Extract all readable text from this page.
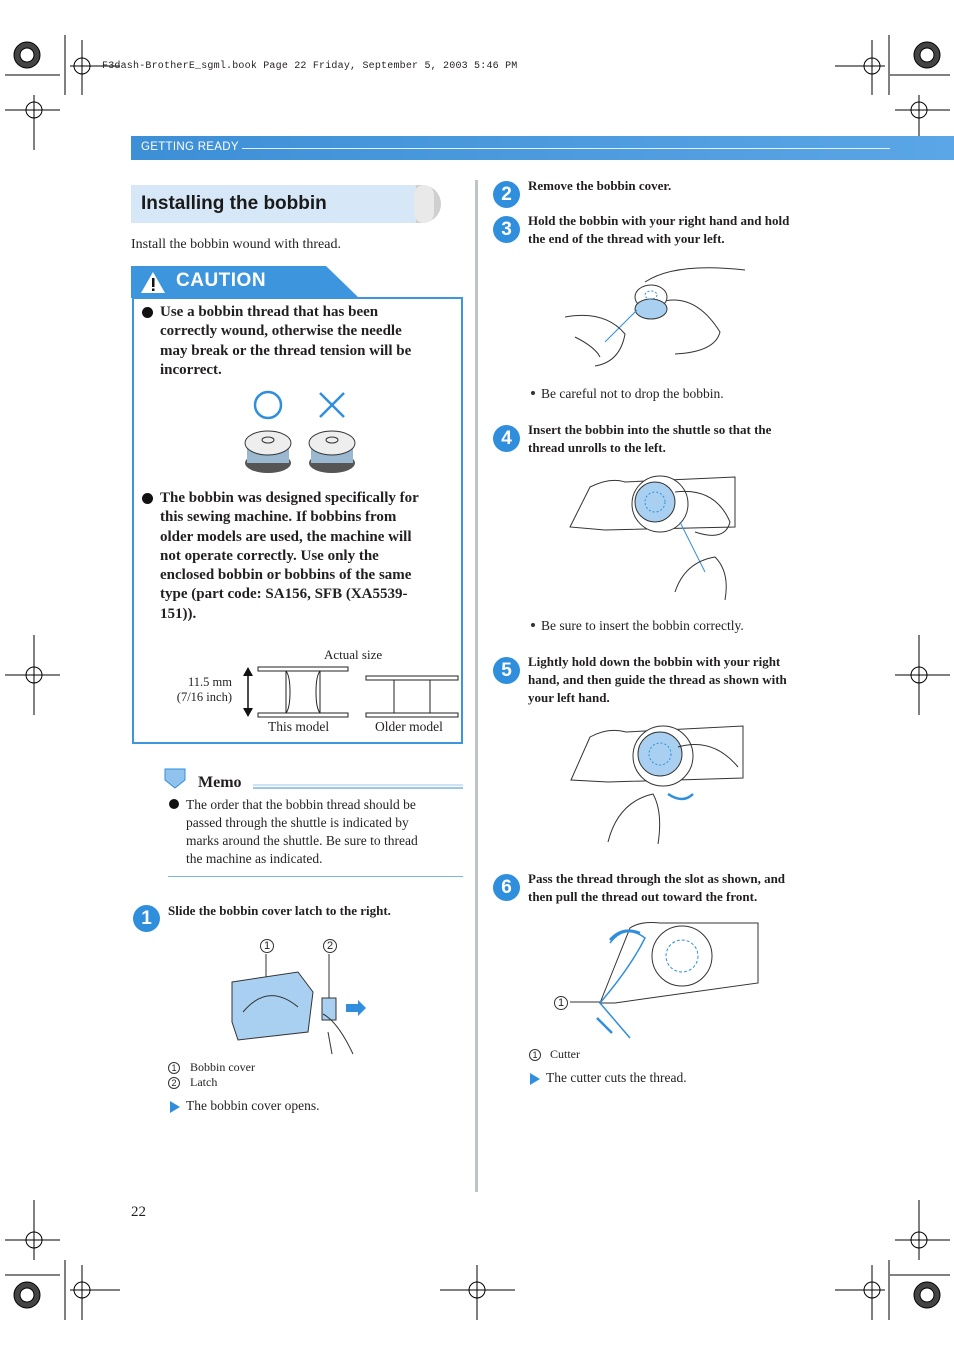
F3dash-BrotherE_sgml.book Page 22 Friday, September 5, 2003 5:46 PM
GETTING READY
Installing the bobbin
Install the bobbin wound with thread.
CAUTION
Use a bobbin thread that has been
correctly wound, otherwise the needle
may break or the thread tension will be
incorrect.
The bobbin was designed specifically for
this sewing machine. If bobbins from
older models are used, the machine will
not operate correctly. Use only the
enclosed bobbin or bobbins of the same
type (part code: SA156, SFB (XA5539-
151)).
Actual size
11.5 mm
(7/16 inch)
This model	Older model
Memo
The order that the bobbin thread should be
passed through the shuttle is indicated by
marks around the shuttle. Be sure to thread
the machine as indicated.
1	Slide the bobbin cover latch to the right.
1	2
1 Bobbin cover
2 Latch
The bobbin cover opens.
22
2	Remove the bobbin cover.
3	Hold the bobbin with your right hand and hold
the end of the thread with your left.
Be careful not to drop the bobbin.
4	Insert the bobbin into the shuttle so that the
thread unrolls to the left.
Be sure to insert the bobbin correctly.
5	Lightly hold down the bobbin with your right
hand, and then guide the thread as shown with
your left hand.
6	Pass the thread through the slot as shown, and
then pull the thread out toward the front.
1
1 Cutter
The cutter cuts the thread.
